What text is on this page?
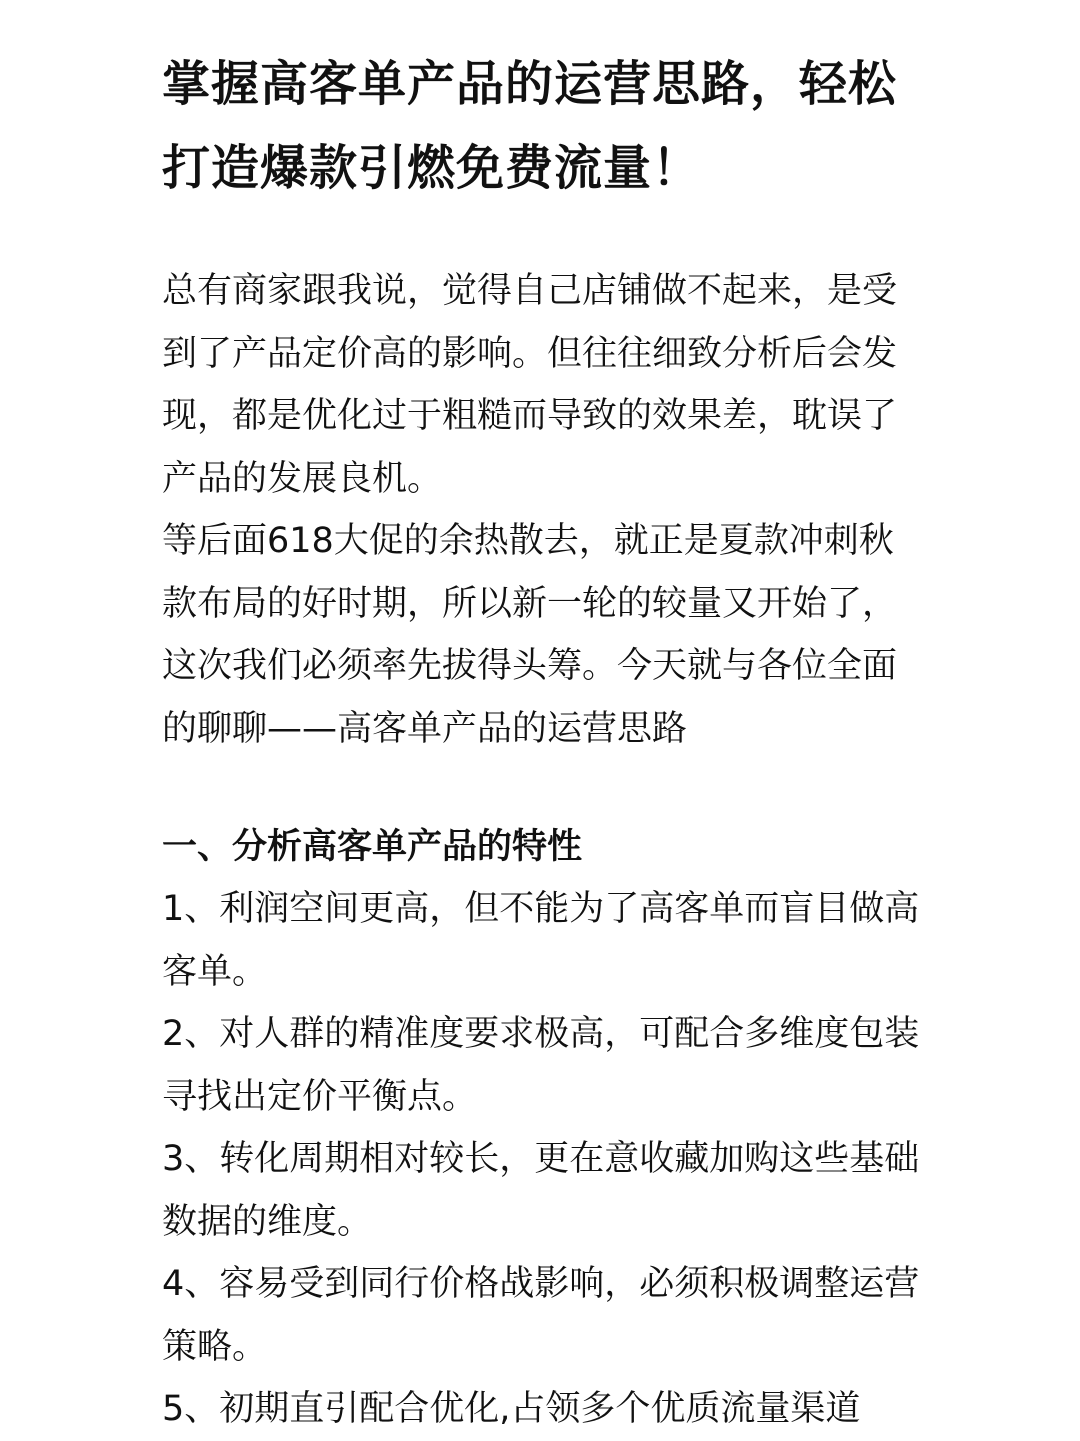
掌握高客单产品的运营思路，轻松打造爆款引燃免费流量！

总有商家跟我说，觉得自己店铺做不起来，是受到了产品定价高的影响。但往往细致分析后会发现，都是优化过于粗糙而导致的效果差，耽误了产品的发展良机。

等后面618大促的余热散去，就正是夏款冲刺秋款布局的好时期，所以新一轮的较量又开始了，这次我们必须率先拔得头筹。今天就与各位全面的聊聊——高客单产品的运营思路

一、分析高客单产品的特性
1、利润空间更高，但不能为了高客单而盲目做高客单。
2、对人群的精准度要求极高，可配合多维度包装寻找出定价平衡点。
3、转化周期相对较长，更在意收藏加购这些基础数据的维度。
4、容易受到同行价格战影响，必须积极调整运营策略。
5、初期直引配合优化,占领多个优质流量渠道
